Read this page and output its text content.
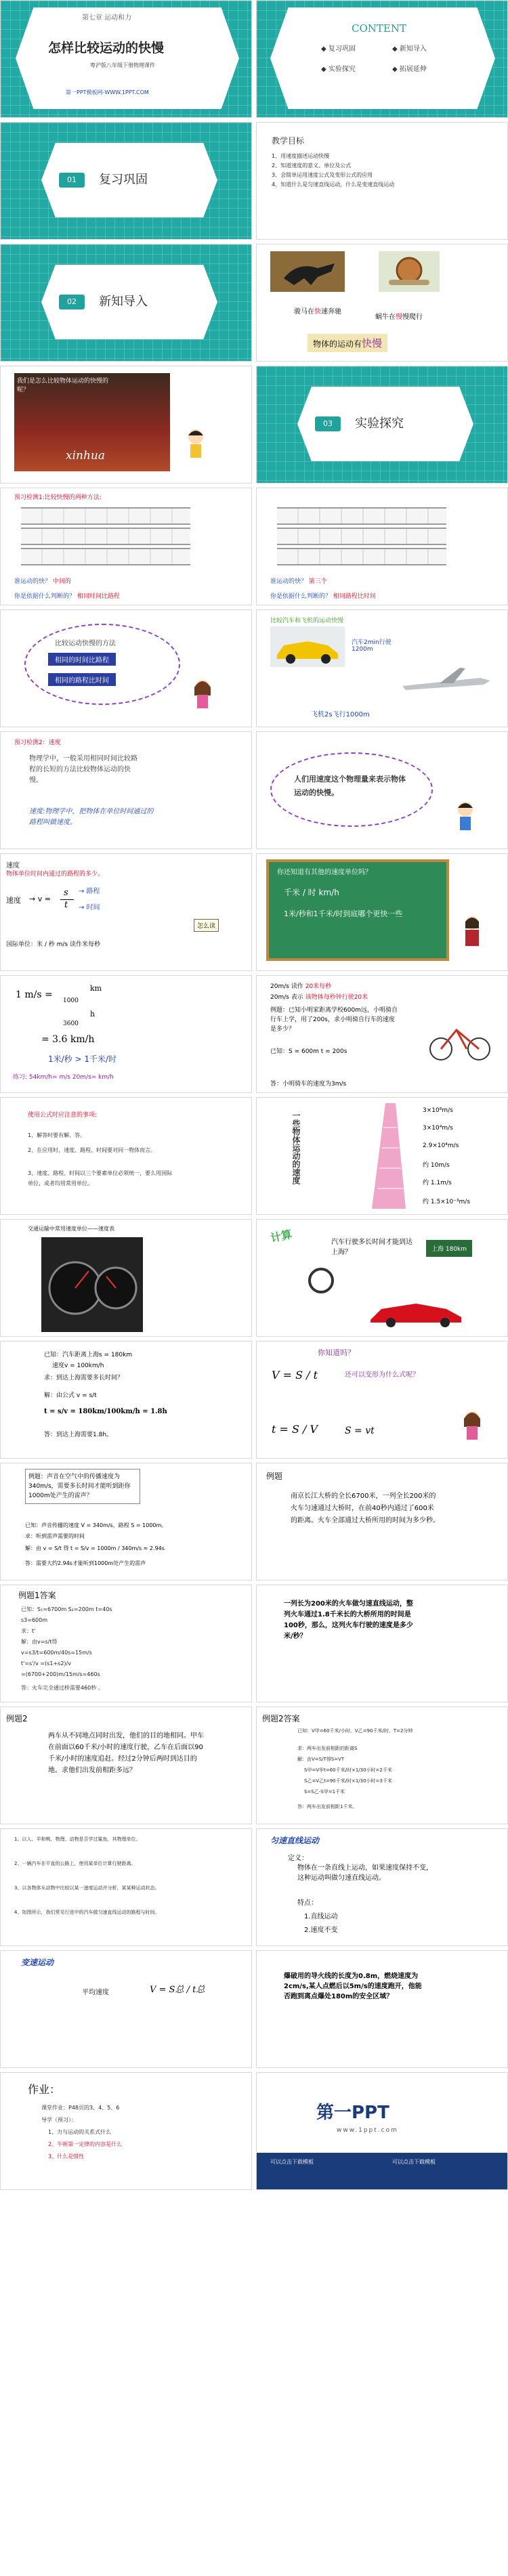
第七章 运动和力
怎样比较运动的快慢
粤沪版八年级下册物理课件
第一PPT模板网-WWW.1PPT.COM
CONTENT
◆ 复习巩固	◆ 新知导入
◆ 实验探究	◆ 拓展延伸
01	复习巩固
教学目标
1、用速度描述运动快慢
2、知道速度的意义、单位及公式
3、会简单运用速度公式及变形公式的应用
4、知道什么是匀速直线运动，什么是变速直线运动
02	新知导入
骏马在快速奔驰
蜗牛在慢慢爬行
物体的运动有快慢
我们是怎么比较物体运动的快慢的呢？
xinhua
03	实验探究
预习检测1:比较快慢的两种方法:
谁运动的快？ 中间的
你是依据什么判断的？ 相同时间比路程
谁运动的快？ 第三个
你是依据什么判断的？ 相同路程比时间
比较运动快慢的方法
相同的时间比路程
相同的路程比时间
比较汽车和飞机的运动快慢
汽车2min行驶1200m
飞机2s飞行1000m
预习检测2：速度
物理学中，一般采用相同时间比较路程的长短的方法比较物体运动的快慢。
速度:物理学中，把物体在单位时间通过的路程叫做速度。
人们用速度这个物理量来表示物体运动的快慢。
速度
物体单位时间内通过的路程的多少。
速度 → v =
s
t
→ 路程
→ 时间
国际单位：米 / 秒 m/s 读作米每秒
怎么读
你还知道有其他的速度单位吗？
千米 / 时 km/h
1米/秒和1千米/时到底哪个更快一些
1 m/s =
km
1000
h
3600
= 3.6 km/h
1米/秒 > 1千米/时
练习: 54km/h= m/s 20m/s= km/h
20m/s 读作 20米每秒
20m/s 表示 该物体每秒钟行驶20米
例题：已知小明家距离学校600m远，小明骑自行车上学，用了200s，求小明骑自行车的速度是多少？
已知：S = 600m t = 200s
答：小明骑车的速度为3m/s
使用公式时应注意的事项:
1、解答时要有解、答。
2、在应用时，速度、路程、时间要对同一物体而言。
3、速度、路程、时间以三个要素单位必须统一，要么用国际单位，或者均用常用单位。	一些物体运动的速度
3×10⁸m/s
3×10⁴m/s
2.9×10⁴m/s
约 10m/s
约 1.1m/s
约 1.5×10⁻³m/s
交通运输中常用速度单位——速度表	计算	汽车行驶多长时间才能到达上海？	上海 180km
已知：汽车距离上海s = 180km
速度v = 100km/h
求：到达上海需要多长时间？
解：由公式 v = s/t
t = s/v = 180km/100km/h = 1.8h
答：到达上海需要1.8h。
你知道吗？
V = S / t	还可以变形为什么式呢？
t = S / V	S = vt
例题：声音在空气中的传播速度为340m/s，需要多长时间才能听到距你1000m处产生的雷声？
已知：声音传播的速度 V = 340m/s，路程 S = 1000m。
求：听到雷声需要的时间
解：由 v = S/t 得 t = S/v = 1000m / 340m/s ≈ 2.94s
答：需要大约2.94s才能听到1000m处产生的雷声
例题
南京长江大桥的全长6700米，一列全长200米的火车匀速通过大桥时，在前40秒内通过了600米的距离。火车全部通过大桥所用的时间为多少秒。
例题1答案
已知：S₁=6700m S₂=200m t=40s
s3=600m
求：t'
解：由v=s/t得
v=s3/t=600m/40s=15m/s
t'=s'/v =(s1+s2)/v
=(6700+200)m/15m/s=460s
答：火车完全通过桥需要460秒 。
一列长为200米的火车做匀速直线运动，整列火车通过1.8千米长的大桥所用的时间是100秒，那么，这列火车行驶的速度是多少米/秒？
例题2
两车从不同地点同时出发，他们的目的地相同。甲车在前面以60千米/小时的速度行驶，乙车在后面以90千米/小时的速度追赶。经过2分钟后两时到达目的地。求他们出发前相距多远？
例题2答案
已知：V甲=60千米/小时，V乙=90千米/时，T=2分钟
求：两车出发前相距的距离S
解：由V=S/T得S=VT
S甲=V甲t=60千米/时×1/30小时=2千米
S乙=V乙t=90千米/时×1/30小时=3千米
S=S乙-S甲=1千米
答：两车出发前相距1千米。
1、以人、羊和鸭，物理、动物是否学过鲨鱼，其物理单位。
2、一辆汽车在平直的公路上，使用某单位计算行驶距离。
3、以各物体从动物中比较以某一速度运动并分析，某某种运动状态。
4、如图所示，我们常见行进中的汽车做匀速直线运动的路程与时间。
匀速直线运动
定义：
物体在一条直线上运动，如果速度保持不变，这种运动叫做匀速直线运动。
特点：
1.直线运动
2.速度不变
变速运动
平均速度	V = S总 / t总
爆破用的导火线的长度为0.8m，燃烧速度为2cm/s,某人点燃后以5m/s的速度跑开，他能否跑到离点爆处180m的安全区域？
作业：
课堂作业：P48页的3、4、5、6
导学（预习）：
1、力与运动的关系式什么
2、牛顿第一定律的内容是什么
3、什么是惯性
第一PPT
www.1ppt.com
可以点击下载模板	可以点击下载模板
